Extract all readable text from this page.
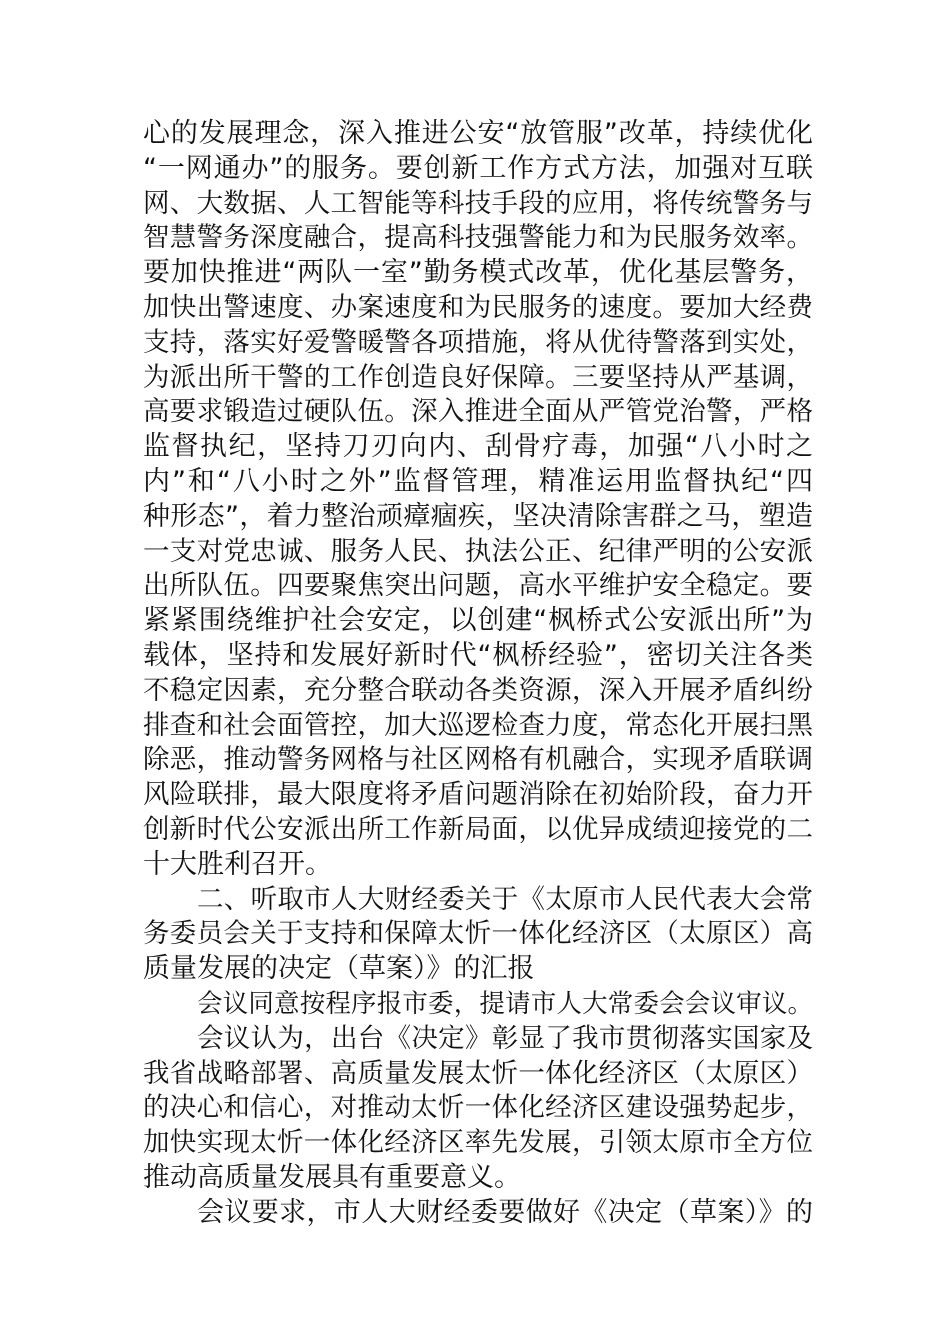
心的发展理念，深入推进公安“放管服”改革，持续优化
“一网通办”的服务。要创新工作方式方法，加强对互联
网、大数据、人工智能等科技手段的应用，将传统警务与
智慧警务深度融合，提高科技强警能力和为民服务效率。
要加快推进“两队一室”勤务模式改革，优化基层警务，
加快出警速度、办案速度和为民服务的速度。要加大经费
支持，落实好爱警暖警各项措施，将从优待警落到实处，
为派出所干警的工作创造良好保障。三要坚持从严基调，
高要求锻造过硬队伍。深入推进全面从严管党治警，严格
监督执纪，坚持刀刃向内、刮骨疗毒，加强“八小时之
内”和“八小时之外”监督管理，精准运用监督执纪“四
种形态”，着力整治顽瘴痼疾，坚决清除害群之马，塑造
一支对党忠诚、服务人民、执法公正、纪律严明的公安派
出所队伍。四要聚焦突出问题，高水平维护安全稳定。要
紧紧围绕维护社会安定，以创建“枫桥式公安派出所”为
载体，坚持和发展好新时代“枫桥经验”，密切关注各类
不稳定因素，充分整合联动各类资源，深入开展矛盾纠纷
排查和社会面管控，加大巡逻检查力度，常态化开展扫黑
除恶，推动警务网格与社区网格有机融合，实现矛盾联调
风险联排，最大限度将矛盾问题消除在初始阶段，奋力开
创新时代公安派出所工作新局面，以优异成绩迎接党的二
十大胜利召开。
二、听取市人大财经委关于《太原市人民代表大会常
务委员会关于支持和保障太忻一体化经济区（太原区）高
质量发展的决定（草案）》的汇报
会议同意按程序报市委，提请市人大常委会会议审议。
会议认为，出台《决定》彰显了我市贯彻落实国家及
我省战略部署、高质量发展太忻一体化经济区（太原区）
的决心和信心，对推动太忻一体化经济区建设强势起步，
加快实现太忻一体化经济区率先发展，引领太原市全方位
推动高质量发展具有重要意义。
会议要求，市人大财经委要做好《决定（草案）》的
